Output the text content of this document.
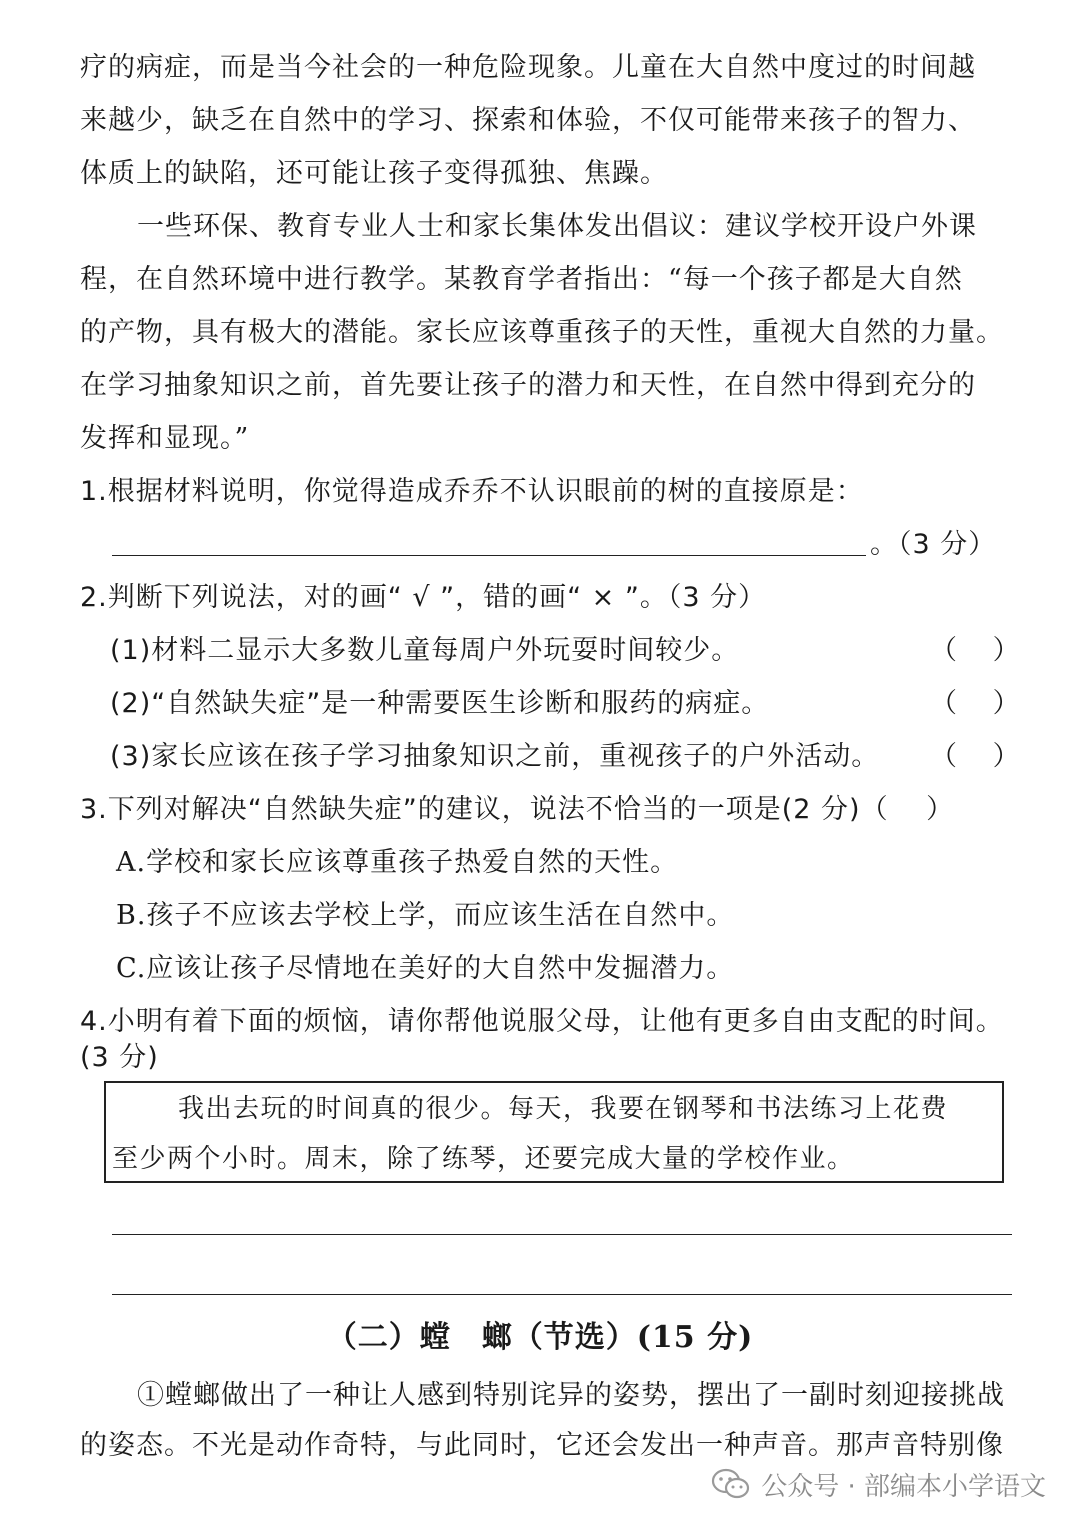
疗的病症，而是当今社会的一种危险现象。儿童在大自然中度过的时间越
来越少，缺乏在自然中的学习、探索和体验，不仅可能带来孩子的智力、
体质上的缺陷，还可能让孩子变得孤独、焦躁。
一些环保、教育专业人士和家长集体发出倡议：建议学校开设户外课
程，在自然环境中进行教学。某教育学者指出：“每一个孩子都是大自然
的产物，具有极大的潜能。家长应该尊重孩子的天性，重视大自然的力量。
在学习抽象知识之前，首先要让孩子的潜力和天性，在自然中得到充分的
发挥和显现。”
1.根据材料说明，你觉得造成乔乔不认识眼前的树的直接原是：
。（3 分）
2.判断下列说法，对的画“ √ ”，错的画“ × ”。（3 分）
(1)材料二显示大多数儿童每周户外玩耍时间较少。	（　 ）
(2)“自然缺失症”是一种需要医生诊断和服药的病症。	（　 ）
(3)家长应该在孩子学习抽象知识之前，重视孩子的户外活动。 （　 ）
3.下列对解决“自然缺失症”的建议，说法不恰当的一项是(2 分)（　 ）
A.学校和家长应该尊重孩子热爱自然的天性。
B.孩子不应该去学校上学，而应该生活在自然中。
C.应该让孩子尽情地在美好的大自然中发掘潜力。
4.小明有着下面的烦恼，请你帮他说服父母，让他有更多自由支配的时间。
(3 分)
我出去玩的时间真的很少。每天，我要在钢琴和书法练习上花费
至少两个小时。周末，除了练琴，还要完成大量的学校作业。
（二）螳　螂（节选）(15 分)
①螳螂做出了一种让人感到特别诧异的姿势，摆出了一副时刻迎接挑战
的姿态。不光是动作奇特，与此同时，它还会发出一种声音。那声音特别像
公众号 · 部编本小学语文
